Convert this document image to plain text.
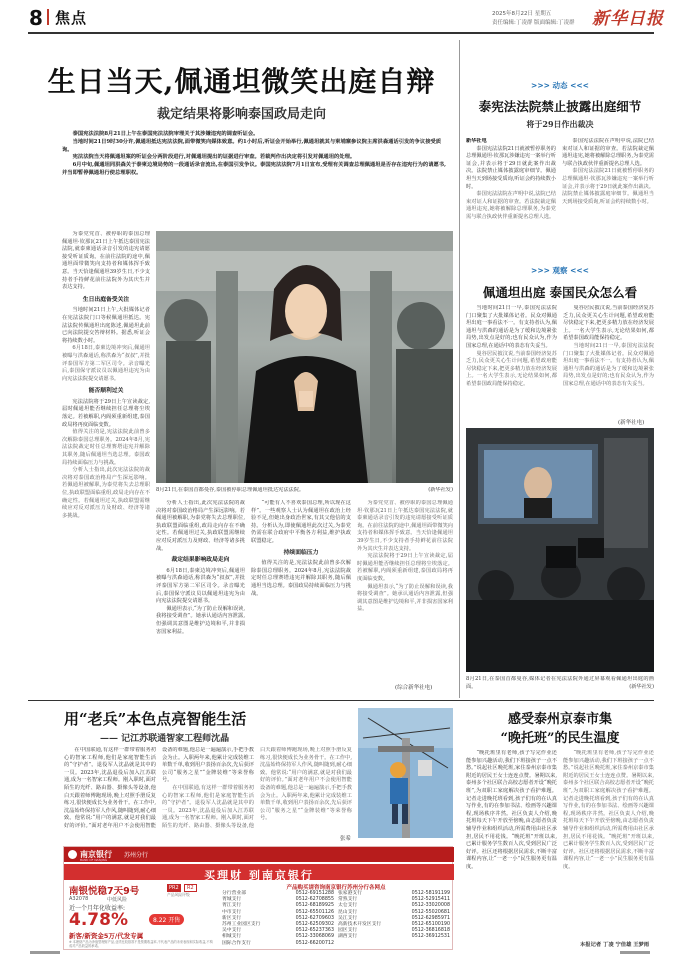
8 焦点	2025年8月22日 星期五
责任编辑:丁凌群 版面编辑:丁凌群 新华日报
生日当天,佩通坦微笑出庭自辩
裁定结果将影响泰国政局走向

泰国宪法法院8月21日上午在泰国宪法法院审理关于其涉嫌违宪的调查听证会。

当地时间21日9时30分许,佩通坦抵达宪法法院,面带微笑向媒体致意。约1小时后,听证会开始举行,佩通坦就其与柬埔寨参议院主席洪森通话引发的争议接受质询。

宪法法院当天将佩通坦案的听证会分两阶段进行,对佩通坦提出的证据进行审查。若裁判作出决定将引发对佩通坦的处理。

6月中旬,佩通坦同洪森关于泰柬边境局势的一段通话录音流出,在泰国引发争议。泰国宪法法院7月1日宣布,受理有关调查总理佩通坦是否存在违宪行为的请愿书,并当即暂停佩通坦行使总理职权。

为泰党党首、被停职的泰国总理佩通坦·钦那瓦21日上午抵达泰国宪法法院,就泰柬通话录音引发的违宪请愿接受听证质询。在前往法院的途中,佩通坦面带微笑向支持者和媒体挥手致意。当天恰逢佩通坦39岁生日,不少支持者手持鲜花前往法院外为其庆生并表达支持。

生日出庭备受关注

当地时间21日上午,大批媒体记者在宪法法院门口等候佩通坦抵达。宪法法院传佩通坦出庭陈述,佩通坦此前已向法院提交答辩材料。据悉,听证会将持续数小时。

6月18日,泰柬边境冲突后,佩通坦被曝与洪森通话,称洪森为“叔叔”,并批评泰国军方第二军区司令。录音曝光后,泰国保守派议员以佩通坦违宪为由向宪法法院提交请愿书。

能否顺利过关

宪法法院将于29日上午宣读裁定,届时佩通坦能否继续担任总理将尘埃落定。若被解职,内阁须重新组建,泰国政局将再度面临变数。

值得关注的是,宪法法院此前曾多次解除泰国总理职务。2024年8月,宪法法院裁定时任总理赛塔违宪并解除其职务,随后佩通坦当选总理。泰国政局持续面临压力与挑战。

分析人士指出,此次宪法法院的裁决将对泰国政治格局产生深远影响。若佩通坦被解职,为泰党将失去总理职位,执政联盟面临重组,政局走向存在不确定性。若佩通坦过关,执政联盟需继续应对反对派压力及财政、经济等诸多挑战。

8月21日,在泰国首都曼谷,泰国被停职总理佩通坦抵达宪法法院。	(新华社发)

分析人士指出,此次宪法法院的裁决将对泰国政治格局产生深远影响。若佩通坦被解职,为泰党将失去总理职位,执政联盟面临重组,政局走向存在不确定性。若佩通坦过关,执政联盟需继续应对反对派压力及财政、经济等诸多挑战。

裁定结果影响政局走向

6月18日,泰柬边境冲突后,佩通坦被曝与洪森通话,称洪森为“叔叔”,并批评泰国军方第二军区司令。录音曝光后,泰国保守派议员以佩通坦违宪为由向宪法法院提交请愿书。

佩通坦表示,“为了防止误解和误读,我将接受调查”。她承认通话内容泄露,但强调其意图是维护边境和平,并非损害国家利益。

“可能有人不喜欢泰国总理,所以现在这样”。一些观察人士认为佩通坦在政治上经验不足,但她出身政治世家,有其父他信的支持。分析认为,即使佩通坦此次过关,为泰党仍需在联合政府中平衡各方利益,维护执政联盟稳定。

持续面临压力

值得关注的是,宪法法院此前曾多次解除泰国总理职务。2024年8月,宪法法院裁定时任总理赛塔违宪并解除其职务,随后佩通坦当选总理。泰国政局持续面临压力与挑战。

为泰党党首、被停职的泰国总理佩通坦·钦那瓦21日上午抵达泰国宪法法院,就泰柬通话录音引发的违宪请愿接受听证质询。在前往法院的途中,佩通坦面带微笑向支持者和媒体挥手致意。当天恰逢佩通坦39岁生日,不少支持者手持鲜花前往法院外为其庆生并表达支持。

宪法法院将于29日上午宣读裁定,届时佩通坦能否继续担任总理将尘埃落定。若被解职,内阁须重新组建,泰国政局将再度面临变数。

佩通坦表示,“为了防止误解和误读,我将接受调查”。她承认通话内容泄露,但强调其意图是维护边境和平,并非损害国家利益。

(综合新华社电)
>>> 动态 <<<
泰宪法法院禁止披露出庭细节
将于29日作出裁决

新华社电

泰国宪法法院21日就被暂停职务的总理佩通坦·钦那瓦涉嫌违宪一案举行听证会,并表示将于29日就此案作出裁决。法院禁止媒体披露庭审细节。佩通坦当天到场接受质询,听证会约持续数小时。

泰国宪法法院在声明中说,法院已结束对证人和证据的审查。若法院裁定佩通坦违宪,她将被解除总理职务,为泰党需与联合执政伙伴重新提名总理人选。

泰国宪法法院在声明中说,法院已结束对证人和证据的审查。若法院裁定佩通坦违宪,她将被解除总理职务,为泰党需与联合执政伙伴重新提名总理人选。

泰国宪法法院21日就被暂停职务的总理佩通坦·钦那瓦涉嫌违宪一案举行听证会,并表示将于29日就此案作出裁决。法院禁止媒体披露庭审细节。佩通坦当天到场接受质询,听证会约持续数小时。

>>> 观察 <<<
佩通坦出庭 泰国民众怎么看

当地时间21日一早,泰国宪法法院门口聚集了大批媒体记者。民众对佩通坦出庭一事看法不一。有支持者认为,佩通坦与洪森的通话是为了缓和边境紧张局势,出发点是好的;也有民众认为,作为国家总理,在通话中的表态有失妥当。

曼谷居民披汶说,当前泰国经济复苏乏力,民众更关心生计问题,希望政府能尽快稳定下来,把更多精力放在经济发展上。一名大学生表示,无论结果如何,都希望泰国政局能保持稳定。

曼谷居民披汶说,当前泰国经济复苏乏力,民众更关心生计问题,希望政府能尽快稳定下来,把更多精力放在经济发展上。一名大学生表示,无论结果如何,都希望泰国政局能保持稳定。

当地时间21日一早,泰国宪法法院门口聚集了大批媒体记者。民众对佩通坦出庭一事看法不一。有支持者认为,佩通坦与洪森的通话是为了缓和边境紧张局势,出发点是好的;也有民众认为,作为国家总理,在通话中的表态有失妥当。

(新华社电)
8月21日,在泰国首都曼谷,媒体记者在宪法法院外通过屏幕观看佩通坦出庭的画面。	(新华社发)
用“老兵”本色点亮智能生活
—— 记江苏联通智家工程师沈晶

在中国联通,有这样一群带着服务初心的智家工程师,他们是家庭智能生活的“守护者”。退役军人沈晶就是其中的一员。2023年,沈晶退役后加入江苏联通,成为一名智家工程师。刚入职时,面对陌生的光纤、路由器、摄像头等设备,他白天跟着师傅跑现场,晚上对照手册反复练习,很快便成长为业务骨干。在工作中,沈晶始终保持军人作风,随叫随到,耐心细致。他常说:“用户的满意,就是对我们最好的评价。”面对老年用户不会使用智能设备的难题,他总是一遍遍演示,手把手教会为止。入职两年来,他累计完成装维工单数千单,收到用户表扬百余次,先后获评公司“服务之星”“金牌装维”等荣誉称号。

在中国联通,有这样一群带着服务初心的智家工程师,他们是家庭智能生活的“守护者”。退役军人沈晶就是其中的一员。2023年,沈晶退役后加入江苏联通,成为一名智家工程师。刚入职时,面对陌生的光纤、路由器、摄像头等设备,他白天跟着师傅跑现场,晚上对照手册反复练习,很快便成长为业务骨干。在工作中,沈晶始终保持军人作风,随叫随到,耐心细致。他常说:“用户的满意,就是对我们最好的评价。”面对老年用户不会使用智能设备的难题,他总是一遍遍演示,手把手教会为止。入职两年来,他累计完成装维工单数千单,收到用户表扬百余次,先后获评公司“服务之星”“金牌装维”等荣誉称号。

张希
南京银行
BANK OF NANJING
苏州分行
买理财 到南京银行
南银悦稳7天9号	PR2	R2
产品风险评级
A32078	中低风险
近一个月年化收益率:
4.78%	8.22 开售
新客/新资金5万/代发专属
※ 本理财产品为净值型理财产品,业绩比较基准不是预期收益率,不代表产品的未来表现和实际收益,不构成对产品收益的承诺。
产品购买请咨询南京银行苏州分行各网点
分行营业部	0512-69151288
胥城支行	0512-62708855
胥江支行	0512-68189925
中市支行	0512-65501126
新区支行	0512-62709603
苏州工业园区支行	0512-62509302
吴中支行	0512-65237363
相城支行	0512-33068069
国际合作支行	0512-66200712
张家港支行	0512-58191199
常熟支行	0512-52915411
太仓支行	0512-33020008
昆山支行	0512-55020681
吴江支行	0512-62985971
高新技术开发区支行	0512-65100190
园区支行	0512-36816818
湖西支行	0512-36912531
感受泰州京泰市集
“晚托班”的民生温度

“晚托班里有老师,孩子写完作业还能参加兴趣活动,我们下班接孩子一点不愁。”说起社区晚托班,家住泰州京泰市集附近的居民王女士连连点赞。暑期以来,泰州多个社区联合高校志愿者开设“晚托班”,为双职工家庭解决孩子看护难题。记者走进晚托班看到,孩子们有的在认真写作业,有的在参加书法、绘画等兴趣课程,现场秩序井然。社区负责人介绍,晚托班每天下午开放至傍晚,由志愿者负责辅导作业和组织活动,所需费用由社区承担,居民不用花钱。“晚托班”开班以来,已累计服务学生数百人次,受到居民广泛好评。社区还将根据居民需求,不断丰富课程内容,让“一老一小”民生服务更有温度。

“晚托班里有老师,孩子写完作业还能参加兴趣活动,我们下班接孩子一点不愁。”说起社区晚托班,家住泰州京泰市集附近的居民王女士连连点赞。暑期以来,泰州多个社区联合高校志愿者开设“晚托班”,为双职工家庭解决孩子看护难题。记者走进晚托班看到,孩子们有的在认真写作业,有的在参加书法、绘画等兴趣课程,现场秩序井然。社区负责人介绍,晚托班每天下午开放至傍晚,由志愿者负责辅导作业和组织活动,所需费用由社区承担,居民不用花钱。“晚托班”开班以来,已累计服务学生数百人次,受到居民广泛好评。社区还将根据居民需求,不断丰富课程内容,让“一老一小”民生服务更有温度。

本报记者 丁凌 宁佳雄 王梦雨
